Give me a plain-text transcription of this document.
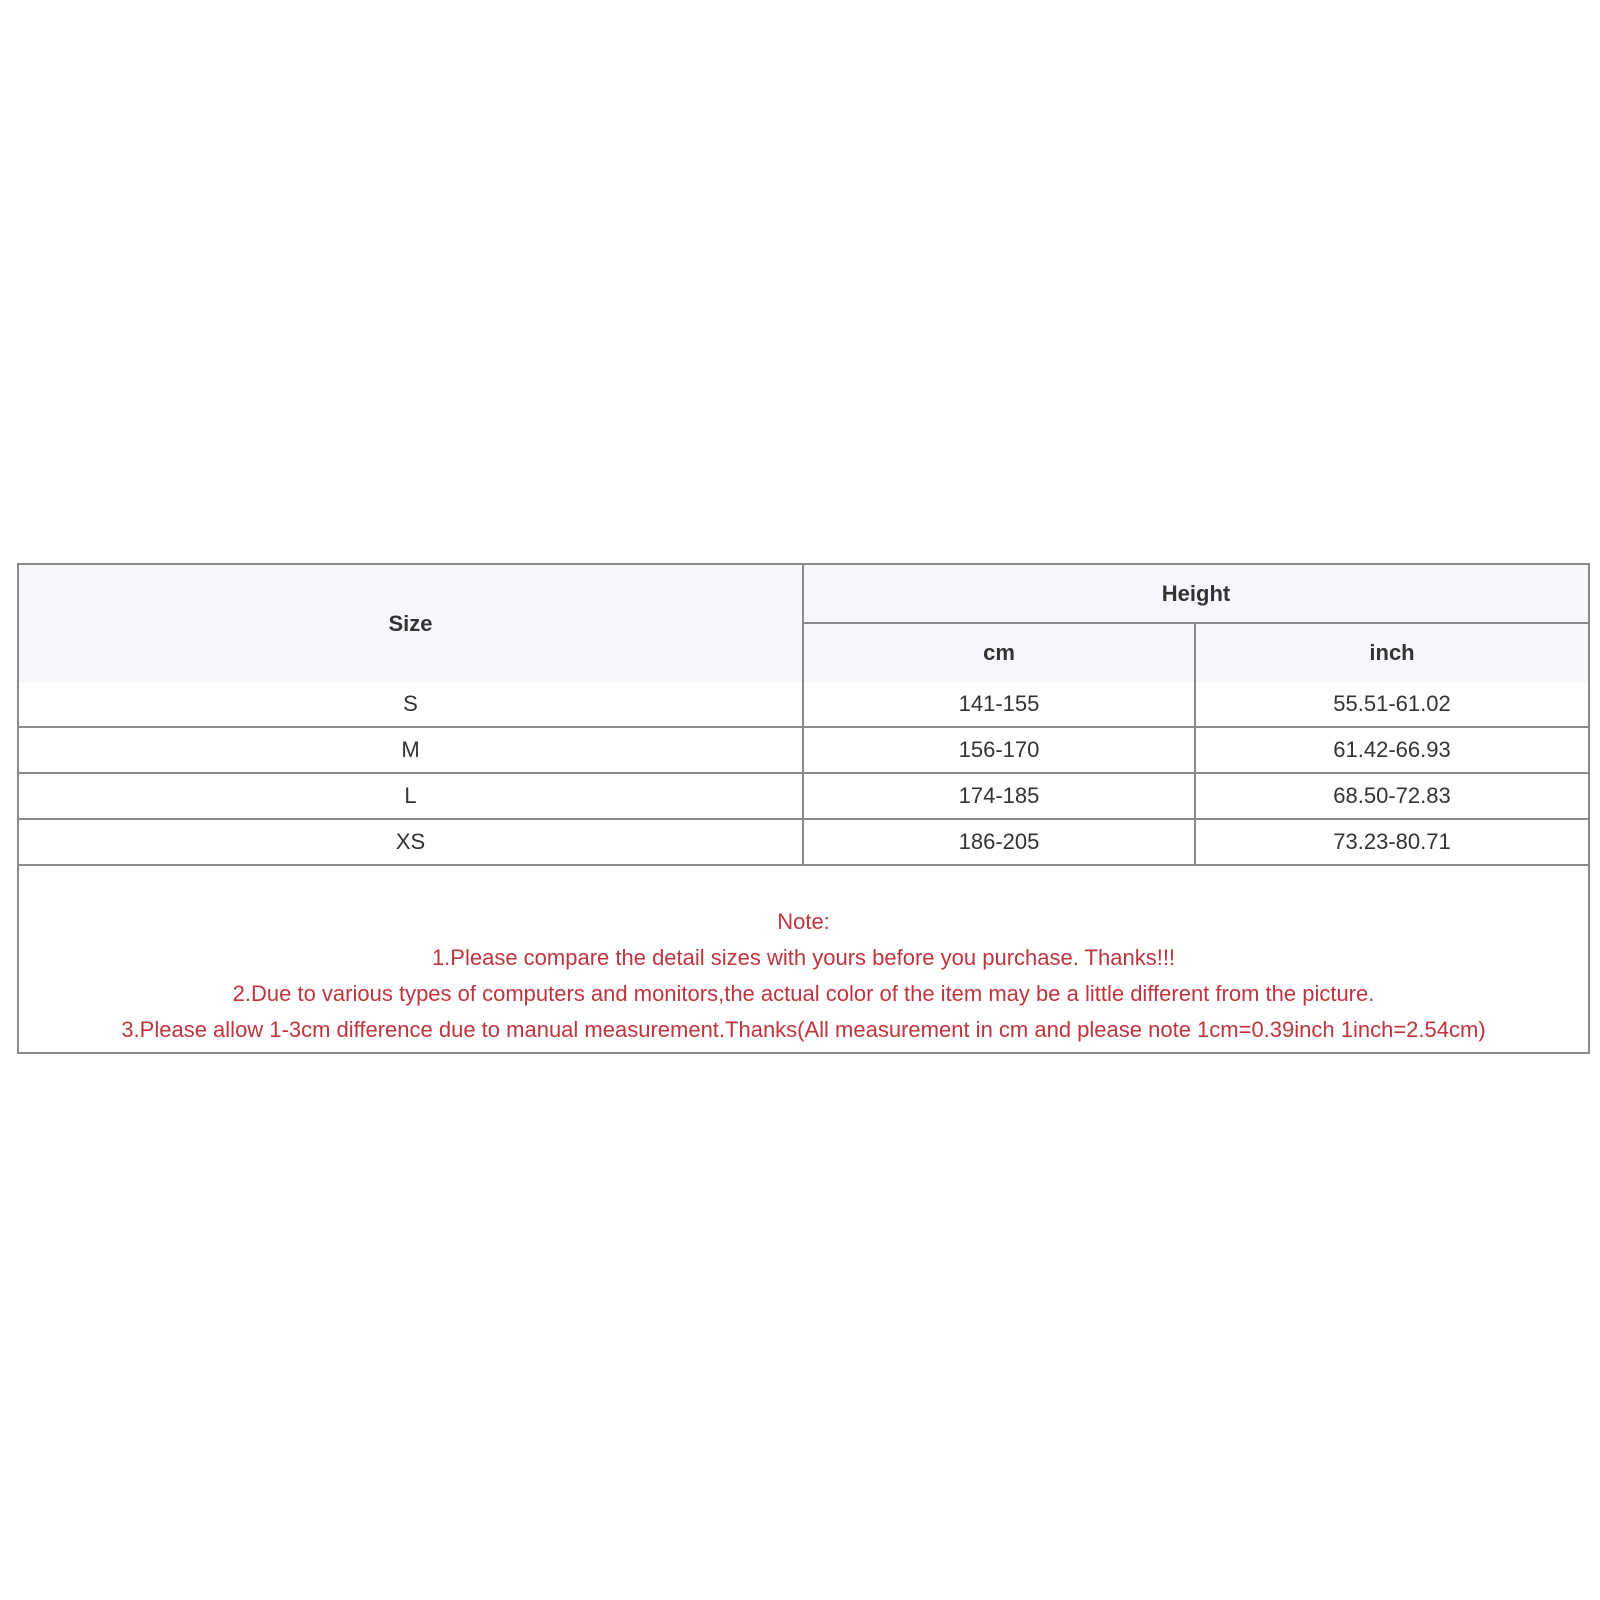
Size	Height	
	cm	inch
S	141-155	55.51-61.02
M	156-170	61.42-66.93
L	174-185	68.50-72.83
XS	186-205	73.23-80.71
Note:
1.Please compare the detail sizes with yours before you purchase. Thanks!!!
2.Due to various types of computers and monitors,the actual color of the item may be a little different from the picture.
3.Please allow 1-3cm difference due to manual measurement.Thanks(All measurement in cm and please note 1cm=0.39inch 1inch=2.54cm)
